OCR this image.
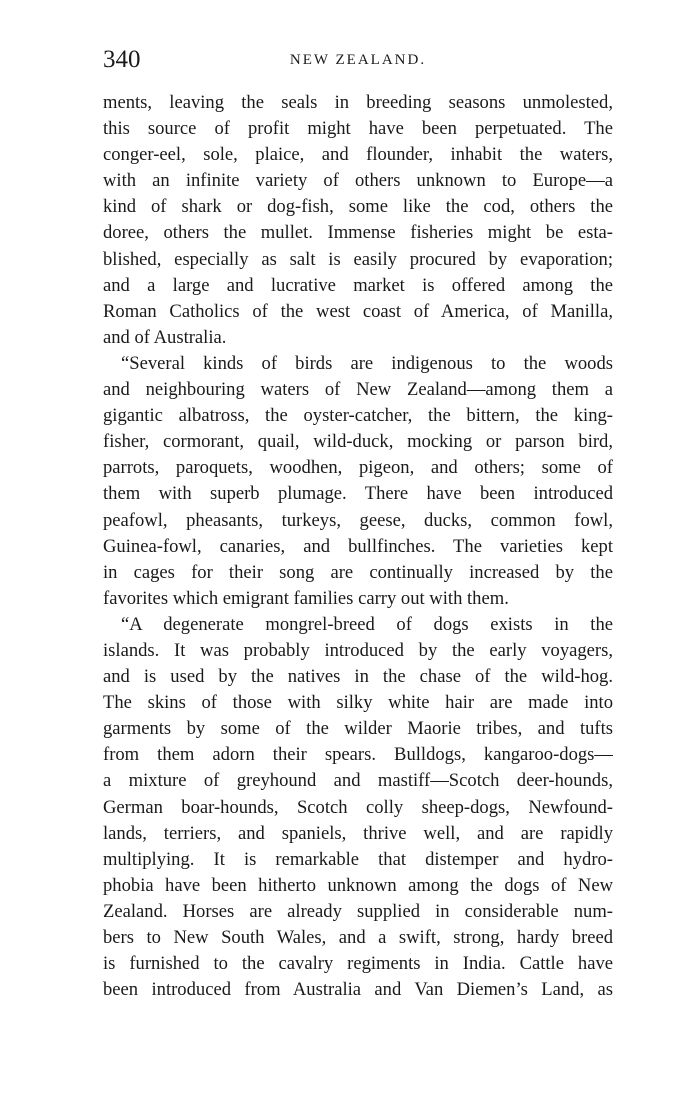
340	NEW ZEALAND.
ments, leaving the seals in breeding seasons unmolested,
this source of profit might have been perpetuated. The
conger-eel, sole, plaice, and flounder, inhabit the waters,
with an infinite variety of others unknown to Europe—a
kind of shark or dog-fish, some like the cod, others the
doree, others the mullet. Immense fisheries might be esta-
blished, especially as salt is easily procured by evaporation;
and a large and lucrative market is offered among the
Roman Catholics of the west coast of America, of Manilla,
and of Australia.
“Several kinds of birds are indigenous to the woods
and neighbouring waters of New Zealand—among them a
gigantic albatross, the oyster-catcher, the bittern, the king-
fisher, cormorant, quail, wild-duck, mocking or parson bird,
parrots, paroquets, woodhen, pigeon, and others; some of
them with superb plumage. There have been introduced
peafowl, pheasants, turkeys, geese, ducks, common fowl,
Guinea-fowl, canaries, and bullfinches. The varieties kept
in cages for their song are continually increased by the
favorites which emigrant families carry out with them.
“A degenerate mongrel-breed of dogs exists in the
islands. It was probably introduced by the early voyagers,
and is used by the natives in the chase of the wild-hog.
The skins of those with silky white hair are made into
garments by some of the wilder Maorie tribes, and tufts
from them adorn their spears. Bulldogs, kangaroo-dogs—
a mixture of greyhound and mastiff—Scotch deer-hounds,
German boar-hounds, Scotch colly sheep-dogs, Newfound-
lands, terriers, and spaniels, thrive well, and are rapidly
multiplying. It is remarkable that distemper and hydro-
phobia have been hitherto unknown among the dogs of New
Zealand. Horses are already supplied in considerable num-
bers to New South Wales, and a swift, strong, hardy breed
is furnished to the cavalry regiments in India. Cattle have
been introduced from Australia and Van Diemen’s Land, as
